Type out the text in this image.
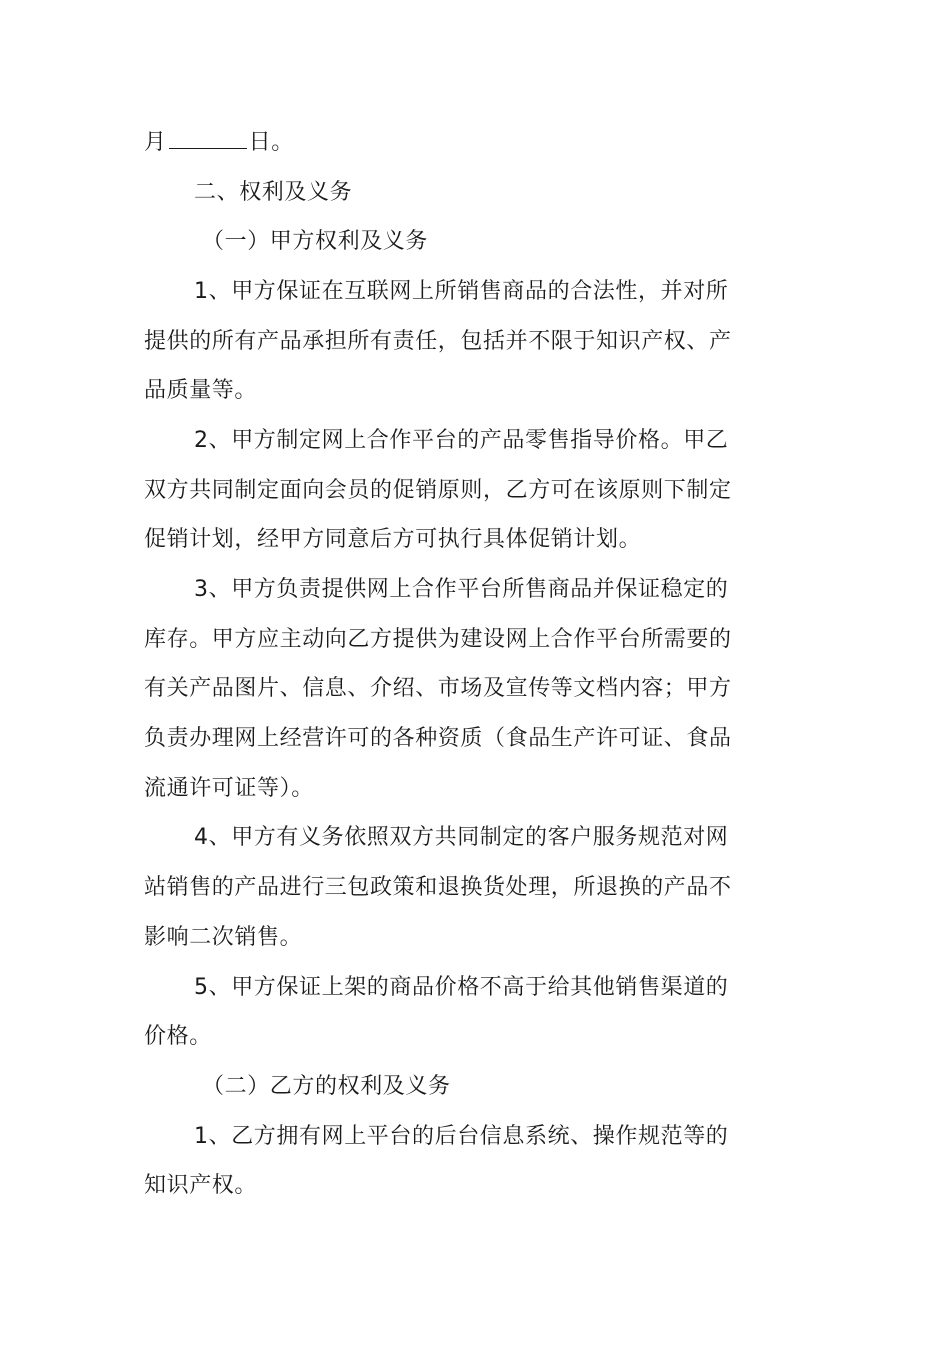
月	日。
二、权利及义务
（一）甲方权利及义务
1、甲方保证在互联网上所销售商品的合法性，并对所
提供的所有产品承担所有责任，包括并不限于知识产权、产
品质量等。
2、甲方制定网上合作平台的产品零售指导价格。甲乙
双方共同制定面向会员的促销原则，乙方可在该原则下制定
促销计划，经甲方同意后方可执行具体促销计划。
3、甲方负责提供网上合作平台所售商品并保证稳定的
库存。甲方应主动向乙方提供为建设网上合作平台所需要的
有关产品图片、信息、介绍、市场及宣传等文档内容；甲方
负责办理网上经营许可的各种资质（食品生产许可证、食品
流通许可证等）。
4、甲方有义务依照双方共同制定的客户服务规范对网
站销售的产品进行三包政策和退换货处理，所退换的产品不
影响二次销售。
5、甲方保证上架的商品价格不高于给其他销售渠道的
价格。
（二）乙方的权利及义务
1、乙方拥有网上平台的后台信息系统、操作规范等的
知识产权。
